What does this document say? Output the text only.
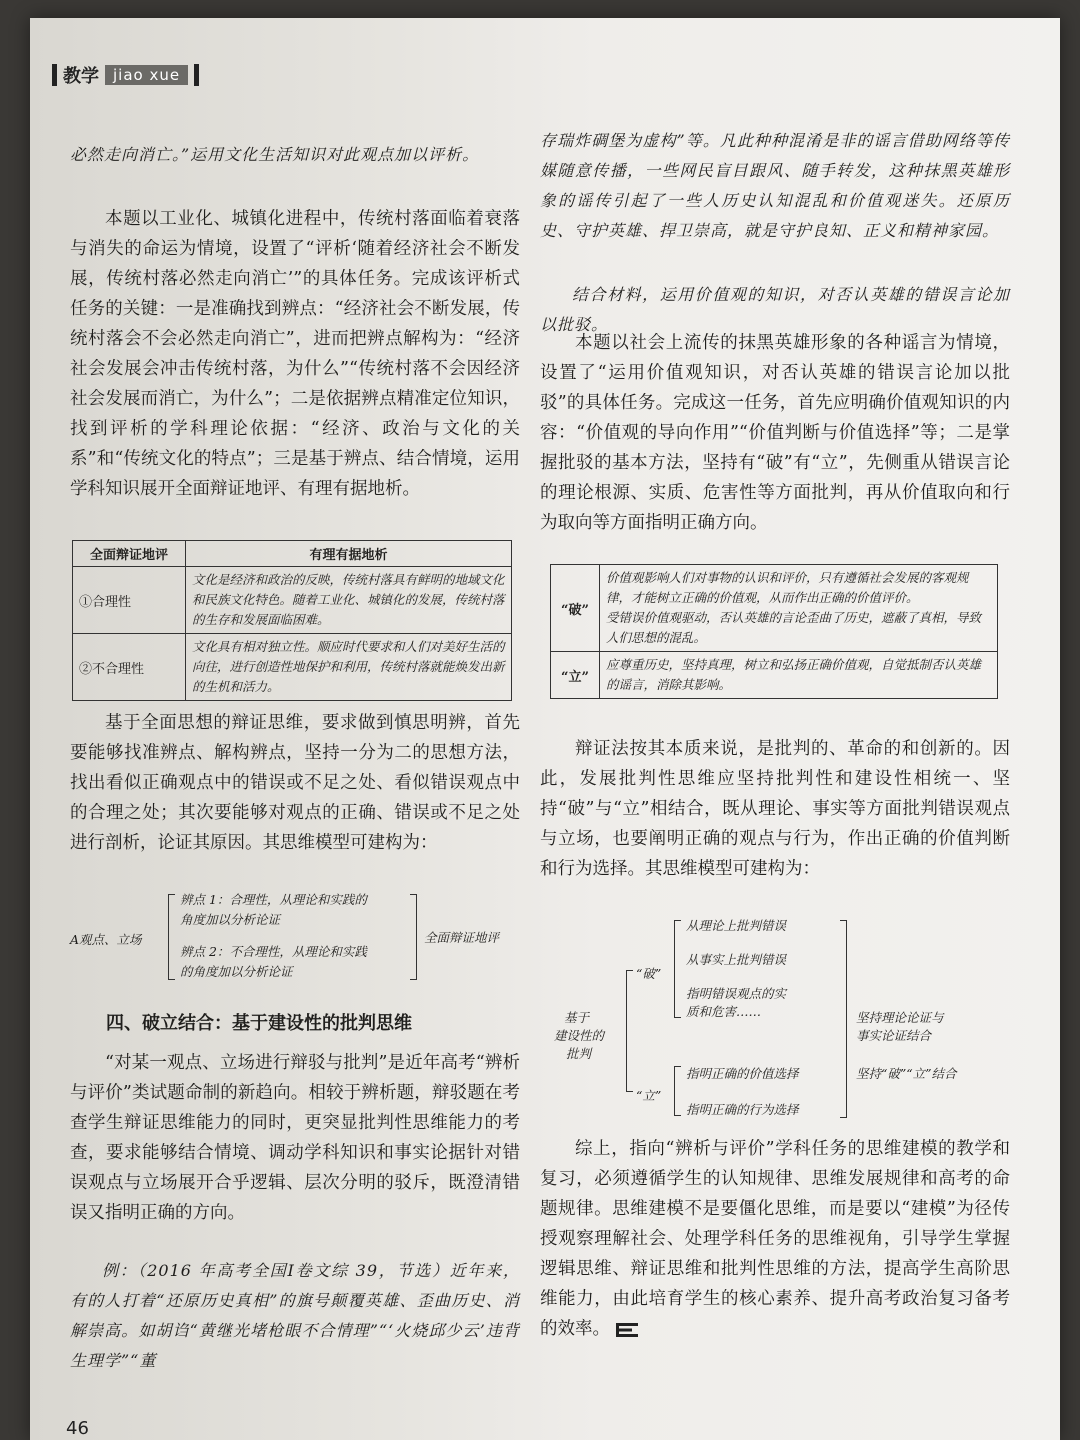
教学 jiao xue

必然走向消亡。”运用文化生活知识对此观点加以评析。

本题以工业化、城镇化进程中，传统村落面临着衰落与消失的命运为情境，设置了“评析‘随着经济社会不断发展，传统村落必然走向消亡’”的具体任务。完成该评析式任务的关键：一是准确找到辨点：“经济社会不断发展，传统村落会不会必然走向消亡”，进而把辨点解构为：“经济社会发展会冲击传统村落，为什么”“传统村落不会因经济社会发展而消亡，为什么”；二是依据辨点精准定位知识，找到评析的学科理论依据：“经济、政治与文化的关系”和“传统文化的特点”；三是基于辨点、结合情境，运用学科知识展开全面辩证地评、有理有据地析。

全面辩证地评	有理有据地析
①合理性	文化是经济和政治的反映，传统村落具有鲜明的地域文化和民族文化特色。随着工业化、城镇化的发展，传统村落的生存和发展面临困难。
②不合理性	文化具有相对独立性。顺应时代要求和人们对美好生活的向往，进行创造性地保护和利用，传统村落就能焕发出新的生机和活力。

基于全面思想的辩证思维，要求做到慎思明辨，首先要能够找准辨点、解构辨点，坚持一分为二的思想方法，找出看似正确观点中的错误或不足之处、看似错误观点中的合理之处；其次要能够对观点的正确、错误或不足之处进行剖析，论证其原因。其思维模型可建构为：

A观点、立场
辨点 1：合理性，从理论和实践的
角度加以分析论证
辨点 2：不合理性，从理论和实践
的角度加以分析论证
全面辩证地评
四、破立结合：基于建设性的批判思维

“对某一观点、立场进行辩驳与批判”是近年高考“辨析与评价”类试题命制的新趋向。相较于辨析题，辩驳题在考查学生辩证思维能力的同时，更突显批判性思维能力的考查，要求能够结合情境、调动学科知识和事实论据针对错误观点与立场展开合乎逻辑、层次分明的驳斥，既澄清错误又指明正确的方向。

例：（2016 年高考全国Ⅰ卷文综 39，节选）近年来，有的人打着“还原历史真相”的旗号颠覆英雄、歪曲历史、消解崇高。如胡诌“黄继光堵枪眼不合情理”“‘火烧邱少云’违背生理学”“董

存瑞炸碉堡为虚构”等。凡此种种混淆是非的谣言借助网络等传媒随意传播，一些网民盲目跟风、随手转发，这种抹黑英雄形象的谣传引起了一些人历史认知混乱和价值观迷失。还原历史、守护英雄、捍卫崇高，就是守护良知、正义和精神家园。

结合材料，运用价值观的知识，对否认英雄的错误言论加以批驳。

本题以社会上流传的抹黑英雄形象的各种谣言为情境，设置了“运用价值观知识，对否认英雄的错误言论加以批驳”的具体任务。完成这一任务，首先应明确价值观知识的内容：“价值观的导向作用”“价值判断与价值选择”等；二是掌握批驳的基本方法，坚持有“破”有“立”，先侧重从错误言论的理论根源、实质、危害性等方面批判，再从价值取向和行为取向等方面指明正确方向。

“破”	价值观影响人们对事物的认识和评价，只有遵循社会发展的客观规律，才能树立正确的价值观，从而作出正确的价值评价。
受错误价值观驱动，否认英雄的言论歪曲了历史，遮蔽了真相，导致人们思想的混乱。

“立”	应尊重历史，坚持真理，树立和弘扬正确价值观，自觉抵制否认英雄的谣言，消除其影响。

辩证法按其本质来说，是批判的、革命的和创新的。因此，发展批判性思维应坚持批判性和建设性相统一、坚持“破”与“立”相结合，既从理论、事实等方面批判错误观点与立场，也要阐明正确的观点与行为，作出正确的价值判断和行为选择。其思维模型可建构为：

基于
建设性的
批判
“破”
“立”
从理论上批判错误
从事实上批判错误
指明错误观点的实
质和危害……
指明正确的价值选择
指明正确的行为选择
坚持理论论证与
事实论证结合
坚持“破”“立”结合

综上，指向“辨析与评价”学科任务的思维建模的教学和复习，必须遵循学生的认知规律、思维发展规律和高考的命题规律。思维建模不是要僵化思维，而是要以“建模”为径传授观察理解社会、处理学科任务的思维视角，引导学生掌握逻辑思维、辩证思维和批判性思维的方法，提高学生高阶思维能力，由此培育学生的核心素养、提升高考政治复习备考的效率。

46
